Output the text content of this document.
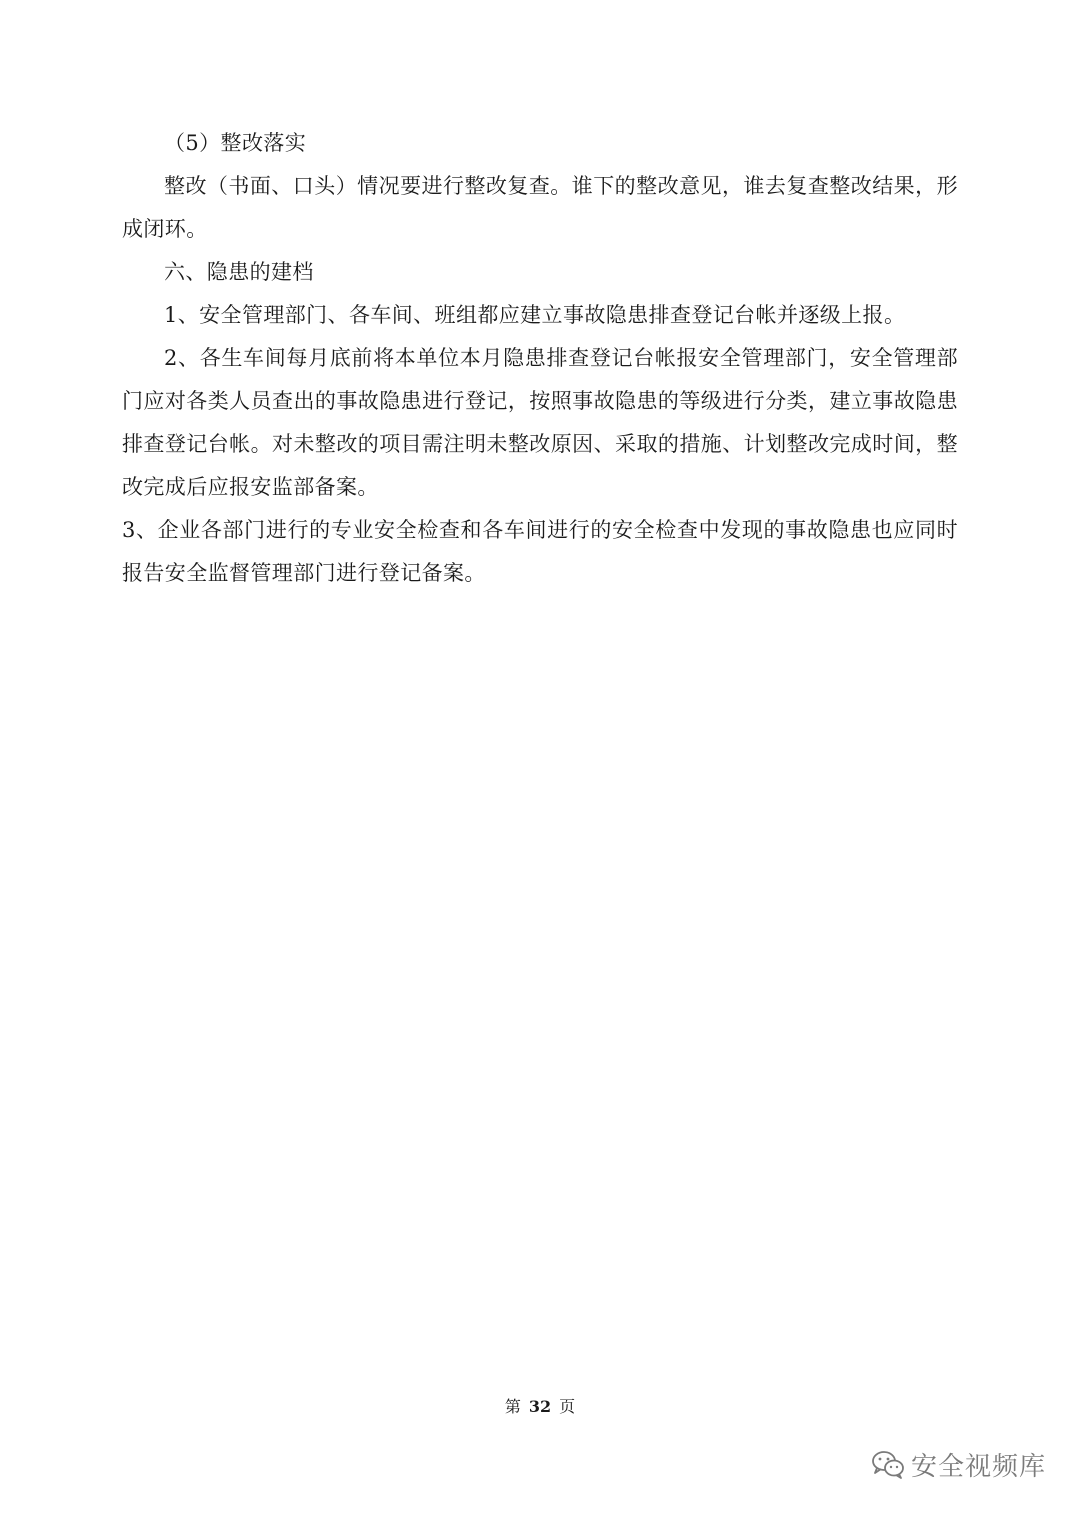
（5）整改落实

整改（书面、口头）情况要进行整改复查。谁下的整改意见，谁去复查整改结果，形成闭环。

六、隐患的建档

1、安全管理部门、各车间、班组都应建立事故隐患排查登记台帐并逐级上报。

2、各生车间每月底前将本单位本月隐患排查登记台帐报安全管理部门，安全管理部门应对各类人员查出的事故隐患进行登记，按照事故隐患的等级进行分类，建立事故隐患排查登记台帐。对未整改的项目需注明未整改原因、采取的措施、计划整改完成时间，整改完成后应报安监部备案。

3、企业各部门进行的专业安全检查和各车间进行的安全检查中发现的事故隐患也应同时报告安全监督管理部门进行登记备案。

第 32 页
安全视频库
